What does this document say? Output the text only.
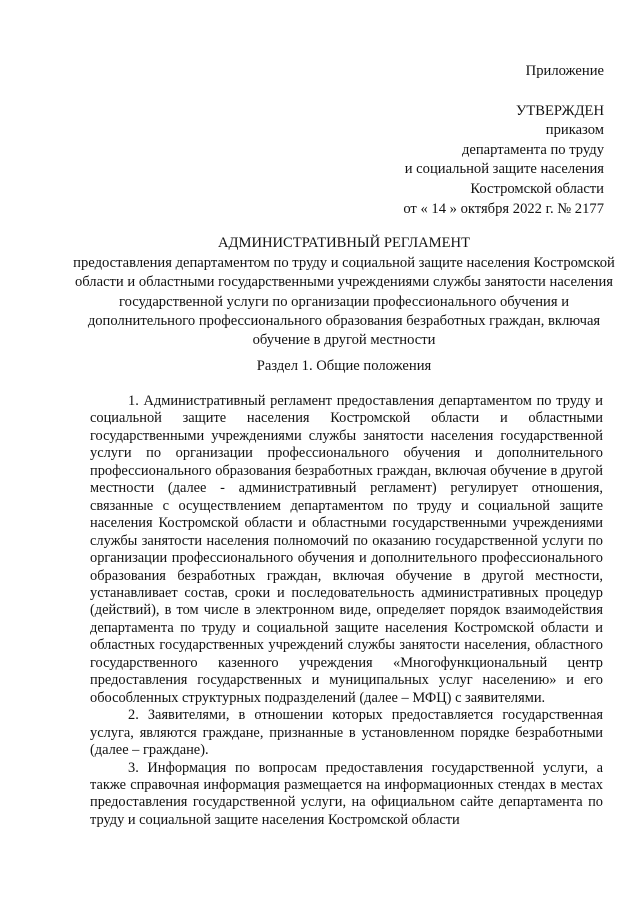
Приложение
УТВЕРЖДЕН
приказом
департамента по труду
и социальной защите населения
Костромской области
от « 14 » октября 2022 г. № 2177
АДМИНИСТРАТИВНЫЙ РЕГЛАМЕНТ
предоставления департаментом по труду и социальной защите населения Костромской области и областными государственными учреждениями службы занятости населения государственной услуги по организации профессионального обучения и дополнительного профессионального образования безработных граждан, включая обучение в другой местности
Раздел 1. Общие положения

1. Административный регламент предоставления департаментом по труду и социальной защите населения Костромской области и областными государственными учреждениями службы занятости населения государственной услуги по организации профессионального обучения и дополнительного профессионального образования безработных граждан, включая обучение в другой местности (далее - административный регламент) регулирует отношения, связанные с осуществлением департаментом по труду и социальной защите населения Костромской области и областными государственными учреждениями службы занятости населения полномочий по оказанию государственной услуги по организации профессионального обучения и дополнительного профессионального образования безработных граждан, включая обучение в другой местности, устанавливает состав, сроки и последовательность административных процедур (действий), в том числе в электронном виде, определяет порядок взаимодействия департамента по труду и социальной защите населения Костромской области и областных государственных учреждений службы занятости населения, областного государственного казенного учреждения «Многофункциональный центр предоставления государственных и муниципальных услуг населению» и его обособленных структурных подразделений (далее – МФЦ) с заявителями.

2. Заявителями, в отношении которых предоставляется государственная услуга, являются граждане, признанные в установленном порядке безработными (далее – граждане).

3. Информация по вопросам предоставления государственной услуги, а также справочная информация размещается на информационных стендах в местах предоставления государственной услуги, на официальном сайте департамента по труду и социальной защите населения Костромской области
